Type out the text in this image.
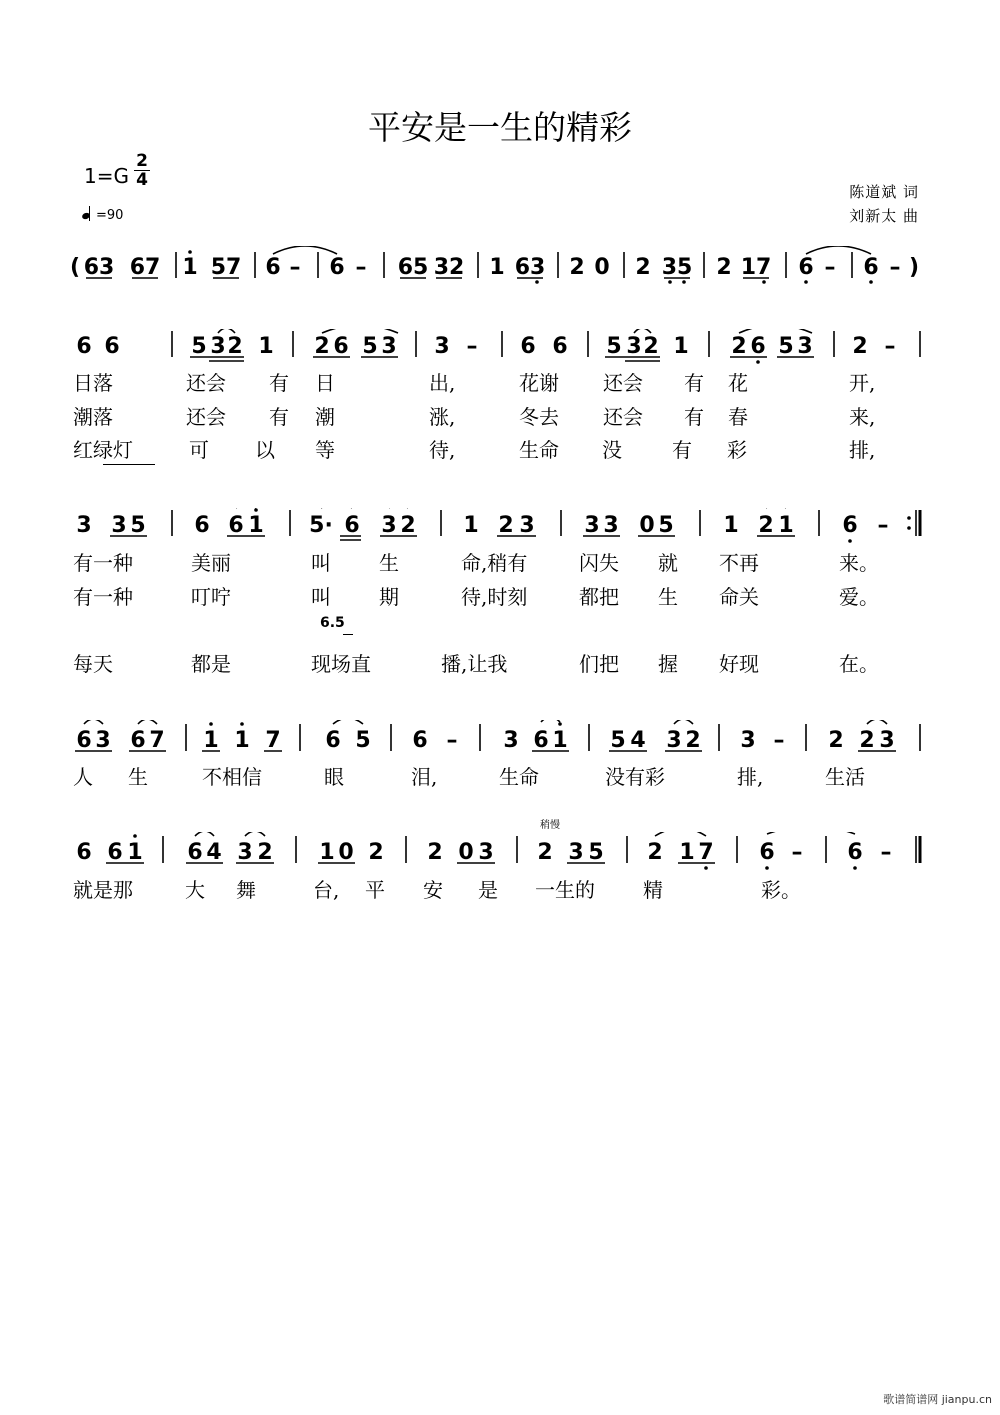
平安是一生的精彩
$1=G \frac{2}{4}$
=90
陈道斌 词
刘新太 曲
( 63 67 1 57 6 – 6 – 65 32 1 63 2 0 2 35 2 17 6 – 6 – )
6 6	5 3 2 1 2 6 5 3 3 – 6 6 5 3 2 1 2 6 5 3 2 –
日落	还会 有 日	出,	花谢 还会 有 花	开,
潮落	还会 有 潮	涨,	冬去 还会 有 春	来,
红绿灯	可 以 等	待,	生命 没	有 彩	排,
3 3 5 6 6 1 5· 6 3 2 1 2 3 3 3 0 5 1 2 1 6 –
有一种	美丽	叫 生	命,稍有	闪失 就 不再	来。
有一种	叮咛	叫 期	待,时刻	都把 生 命关	爱。
6.5
每天	都是	现场直	播,让我	们把 握 好现	在。
6 3 6 7 1 1 7 6 5 6 – 3 6 1 5 4 3 2 3 – 2 2 3
人 生	不相信	眼	泪,	生命	没有彩	排,	生活
稍慢
6 6 1 6 4 3 2 1 0 2 2 0 3 2 3 5 2 1 7 6 – 6 –
就是那	大 舞	台, 平 安 是 一生的 精	彩。
歌谱简谱网 jianpu.cn
